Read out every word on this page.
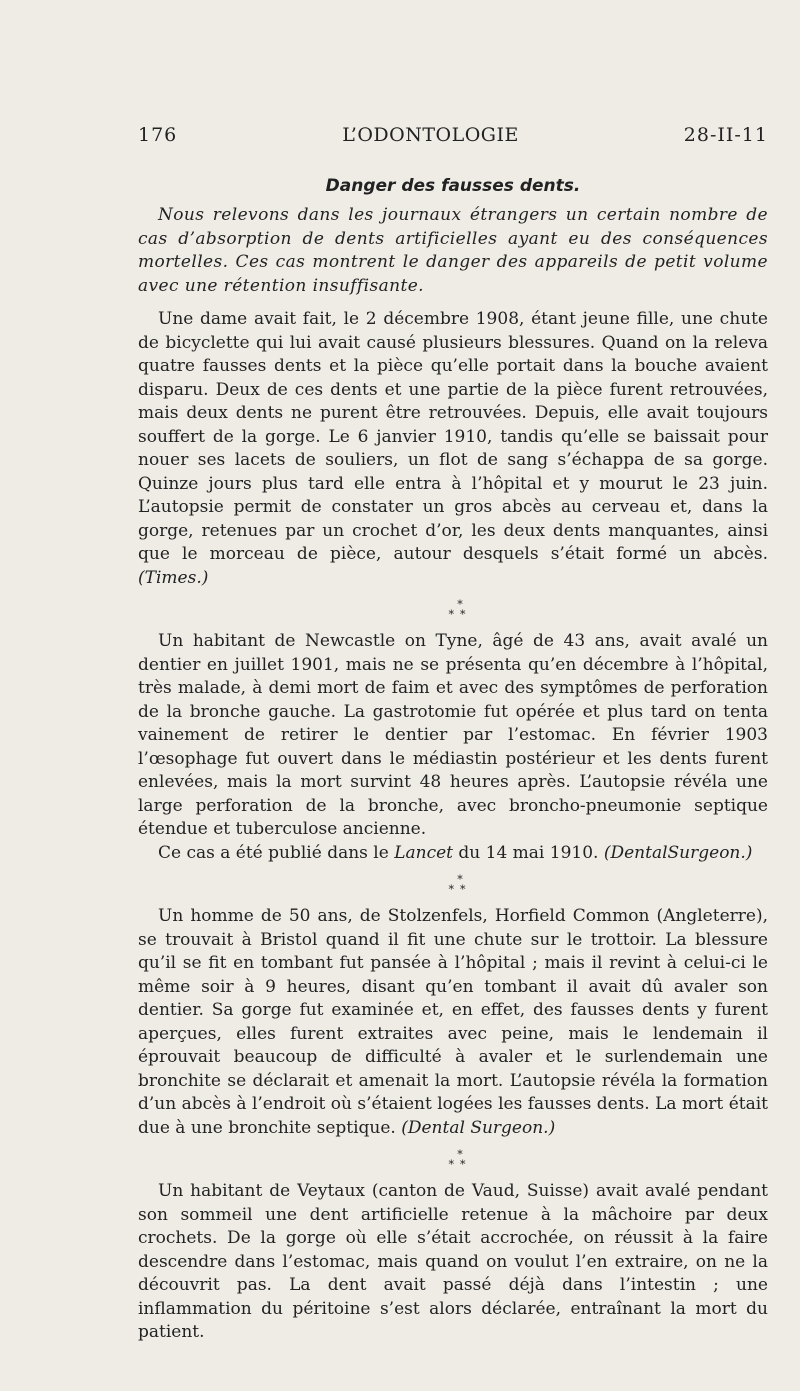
176	L’ODONTOLOGIE	28-II-11
Danger des fausses dents.

Nous relevons dans les journaux étrangers un certain nombre de cas d’absorption de dents artificielles ayant eu des conséquences mortelles. Ces cas montrent le danger des appareils de petit volume avec une rétention insuffisante.

Une dame avait fait, le 2 décembre 1908, étant jeune fille, une chute de bicyclette qui lui avait causé plusieurs blessures. Quand on la releva quatre fausses dents et la pièce qu’elle portait dans la bouche avaient disparu. Deux de ces dents et une partie de la pièce furent retrouvées, mais deux dents ne purent être retrouvées. Depuis, elle avait toujours souffert de la gorge. Le 6 janvier 1910, tandis qu’elle se baissait pour nouer ses lacets de souliers, un flot de sang s’échappa de sa gorge. Quinze jours plus tard elle entra à l’hôpital et y mourut le 23 juin. L’autopsie permit de constater un gros abcès au cerveau et, dans la gorge, retenues par un crochet d’or, les deux dents manquantes, ainsi que le morceau de pièce, autour desquels s’était formé un abcès. (Times.)

*
**

Un habitant de Newcastle on Tyne, âgé de 43 ans, avait avalé un dentier en juillet 1901, mais ne se présenta qu’en décembre à l’hôpital, très malade, à demi mort de faim et avec des symptômes de perforation de la bronche gauche. La gastrotomie fut opérée et plus tard on tenta vainement de retirer le dentier par l’estomac. En février 1903 l’œsophage fut ouvert dans le médiastin postérieur et les dents furent enlevées, mais la mort survint 48 heures après. L’autopsie révéla une large perforation de la bronche, avec broncho-pneumonie septique étendue et tuberculose ancienne.

Ce cas a été publié dans le Lancet du 14 mai 1910. (DentalSurgeon.)

*
**

Un homme de 50 ans, de Stolzenfels, Horfield Common (Angleterre), se trouvait à Bristol quand il fit une chute sur le trottoir. La blessure qu’il se fit en tombant fut pansée à l’hôpital ; mais il revint à celui-ci le même soir à 9 heures, disant qu’en tombant il avait dû avaler son dentier. Sa gorge fut examinée et, en effet, des fausses dents y furent aperçues, elles furent extraites avec peine, mais le lendemain il éprouvait beaucoup de difficulté à avaler et le surlendemain une bronchite se déclarait et amenait la mort. L’autopsie révéla la formation d’un abcès à l’endroit où s’étaient logées les fausses dents. La mort était due à une bronchite septique. (Dental Surgeon.)

*
**

Un habitant de Veytaux (canton de Vaud, Suisse) avait avalé pendant son sommeil une dent artificielle retenue à la mâchoire par deux crochets. De la gorge où elle s’était accrochée, on réussit à la faire descendre dans l’estomac, mais quand on voulut l’en extraire, on ne la découvrit pas. La dent avait passé déjà dans l’intestin ; une inflammation du péritoine s’est alors déclarée, entraînant la mort du patient.
